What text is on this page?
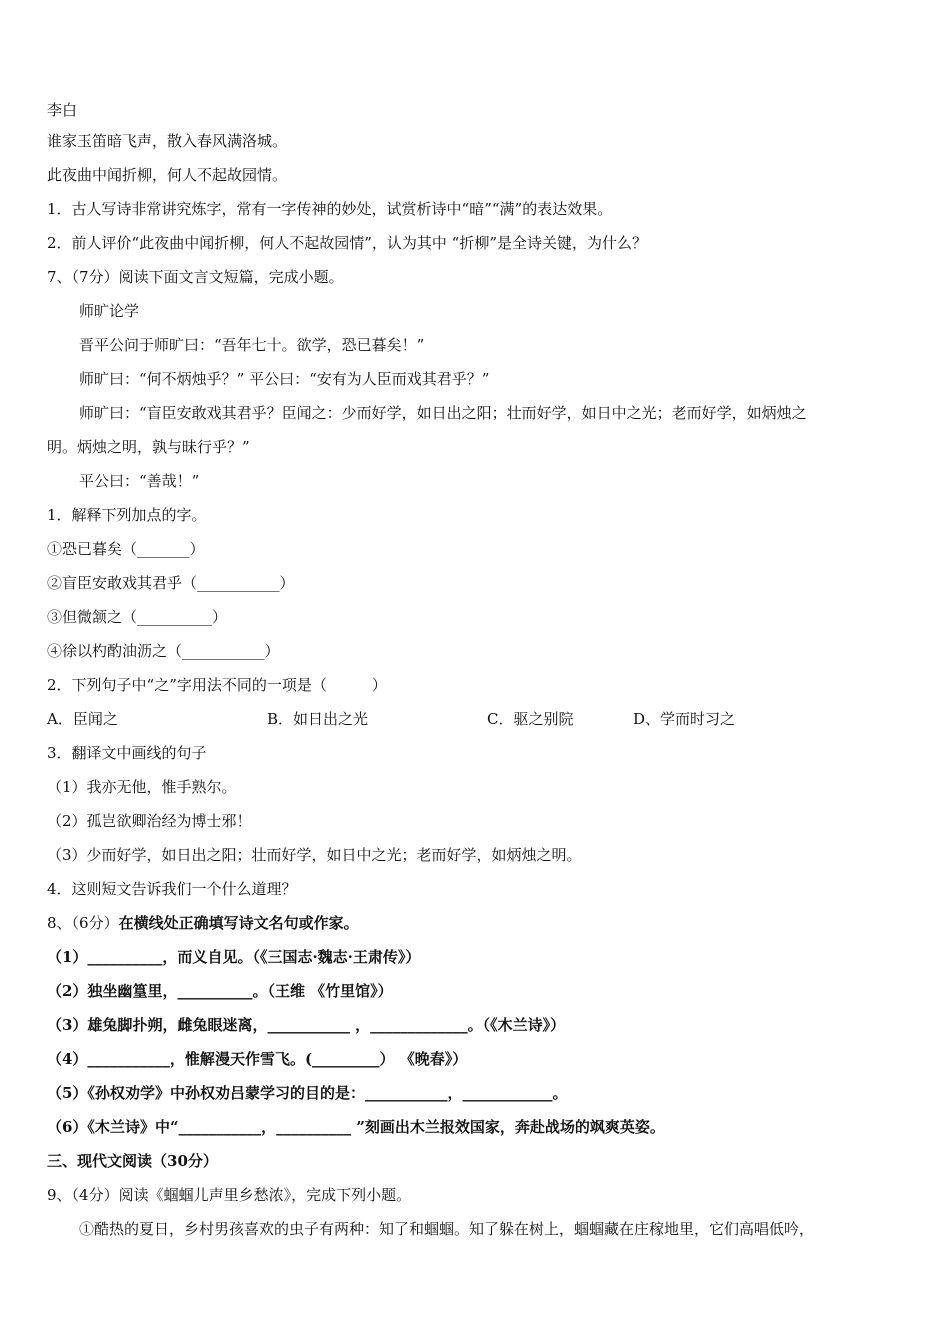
李白
谁家玉笛暗飞声，散入春风满洛城。
此夜曲中闻折柳，何人不起故园情。
1．古人写诗非常讲究炼字，常有一字传神的妙处，试赏析诗中“暗”“满”的表达效果。
2．前人评价“此夜曲中闻折柳，何人不起故园情”，认为其中 “折柳”是全诗关键，为什么？
7、（7分）阅读下面文言文短篇，完成小题。
师旷论学
晋平公问于师旷曰：“吾年七十。欲学，恐已暮矣！”
师旷曰：“何不炳烛乎？” 平公曰：“安有为人臣而戏其君乎？”
师旷曰：“盲臣安敢戏其君乎？臣闻之：少而好学，如日出之阳；壮而好学，如日中之光；老而好学，如炳烛之
明。炳烛之明，孰与昧行乎？”
平公曰：“善哉！”
1．解释下列加点的字。
①恐已暮矣（_______）
②盲臣安敢戏其君乎（___________）
③但微颔之（__________）
④徐以杓酌油沥之（___________）
2．下列句子中“之”字用法不同的一项是（　　　）
A．臣闻之	B．如日出之光	C．驱之别院	D、学而时习之
3．翻译文中画线的句子
（1）我亦无他，惟手熟尔。
（2）孤岂欲卿治经为博士邪！
（3）少而好学，如日出之阳；壮而好学，如日中之光；老而好学，如炳烛之明。
4．这则短文告诉我们一个什么道理？
8、（6分）在横线处正确填写诗文名句或作家。
（1）__________，而义自见。（《三国志·魏志·王肃传》）
（2）独坐幽篁里，__________。（王维 《竹里馆》）
（3）雄兔脚扑朔，雌兔眼迷离，___________ ，_____________。（《木兰诗》）
（4）___________，惟解漫天作雪飞。(_________） 《晚春》）
（5）《孙权劝学》中孙权劝吕蒙学习的目的是：___________，____________。
（6）《木兰诗》中“___________，__________ ”刻画出木兰报效国家，奔赴战场的飒爽英姿。
三、现代文阅读（30分）
9、（4分）阅读《蝈蝈儿声里乡愁浓》，完成下列小题。
①酷热的夏日，乡村男孩喜欢的虫子有两种：知了和蝈蝈。知了躲在树上，蝈蝈藏在庄稼地里，它们高唱低吟，
